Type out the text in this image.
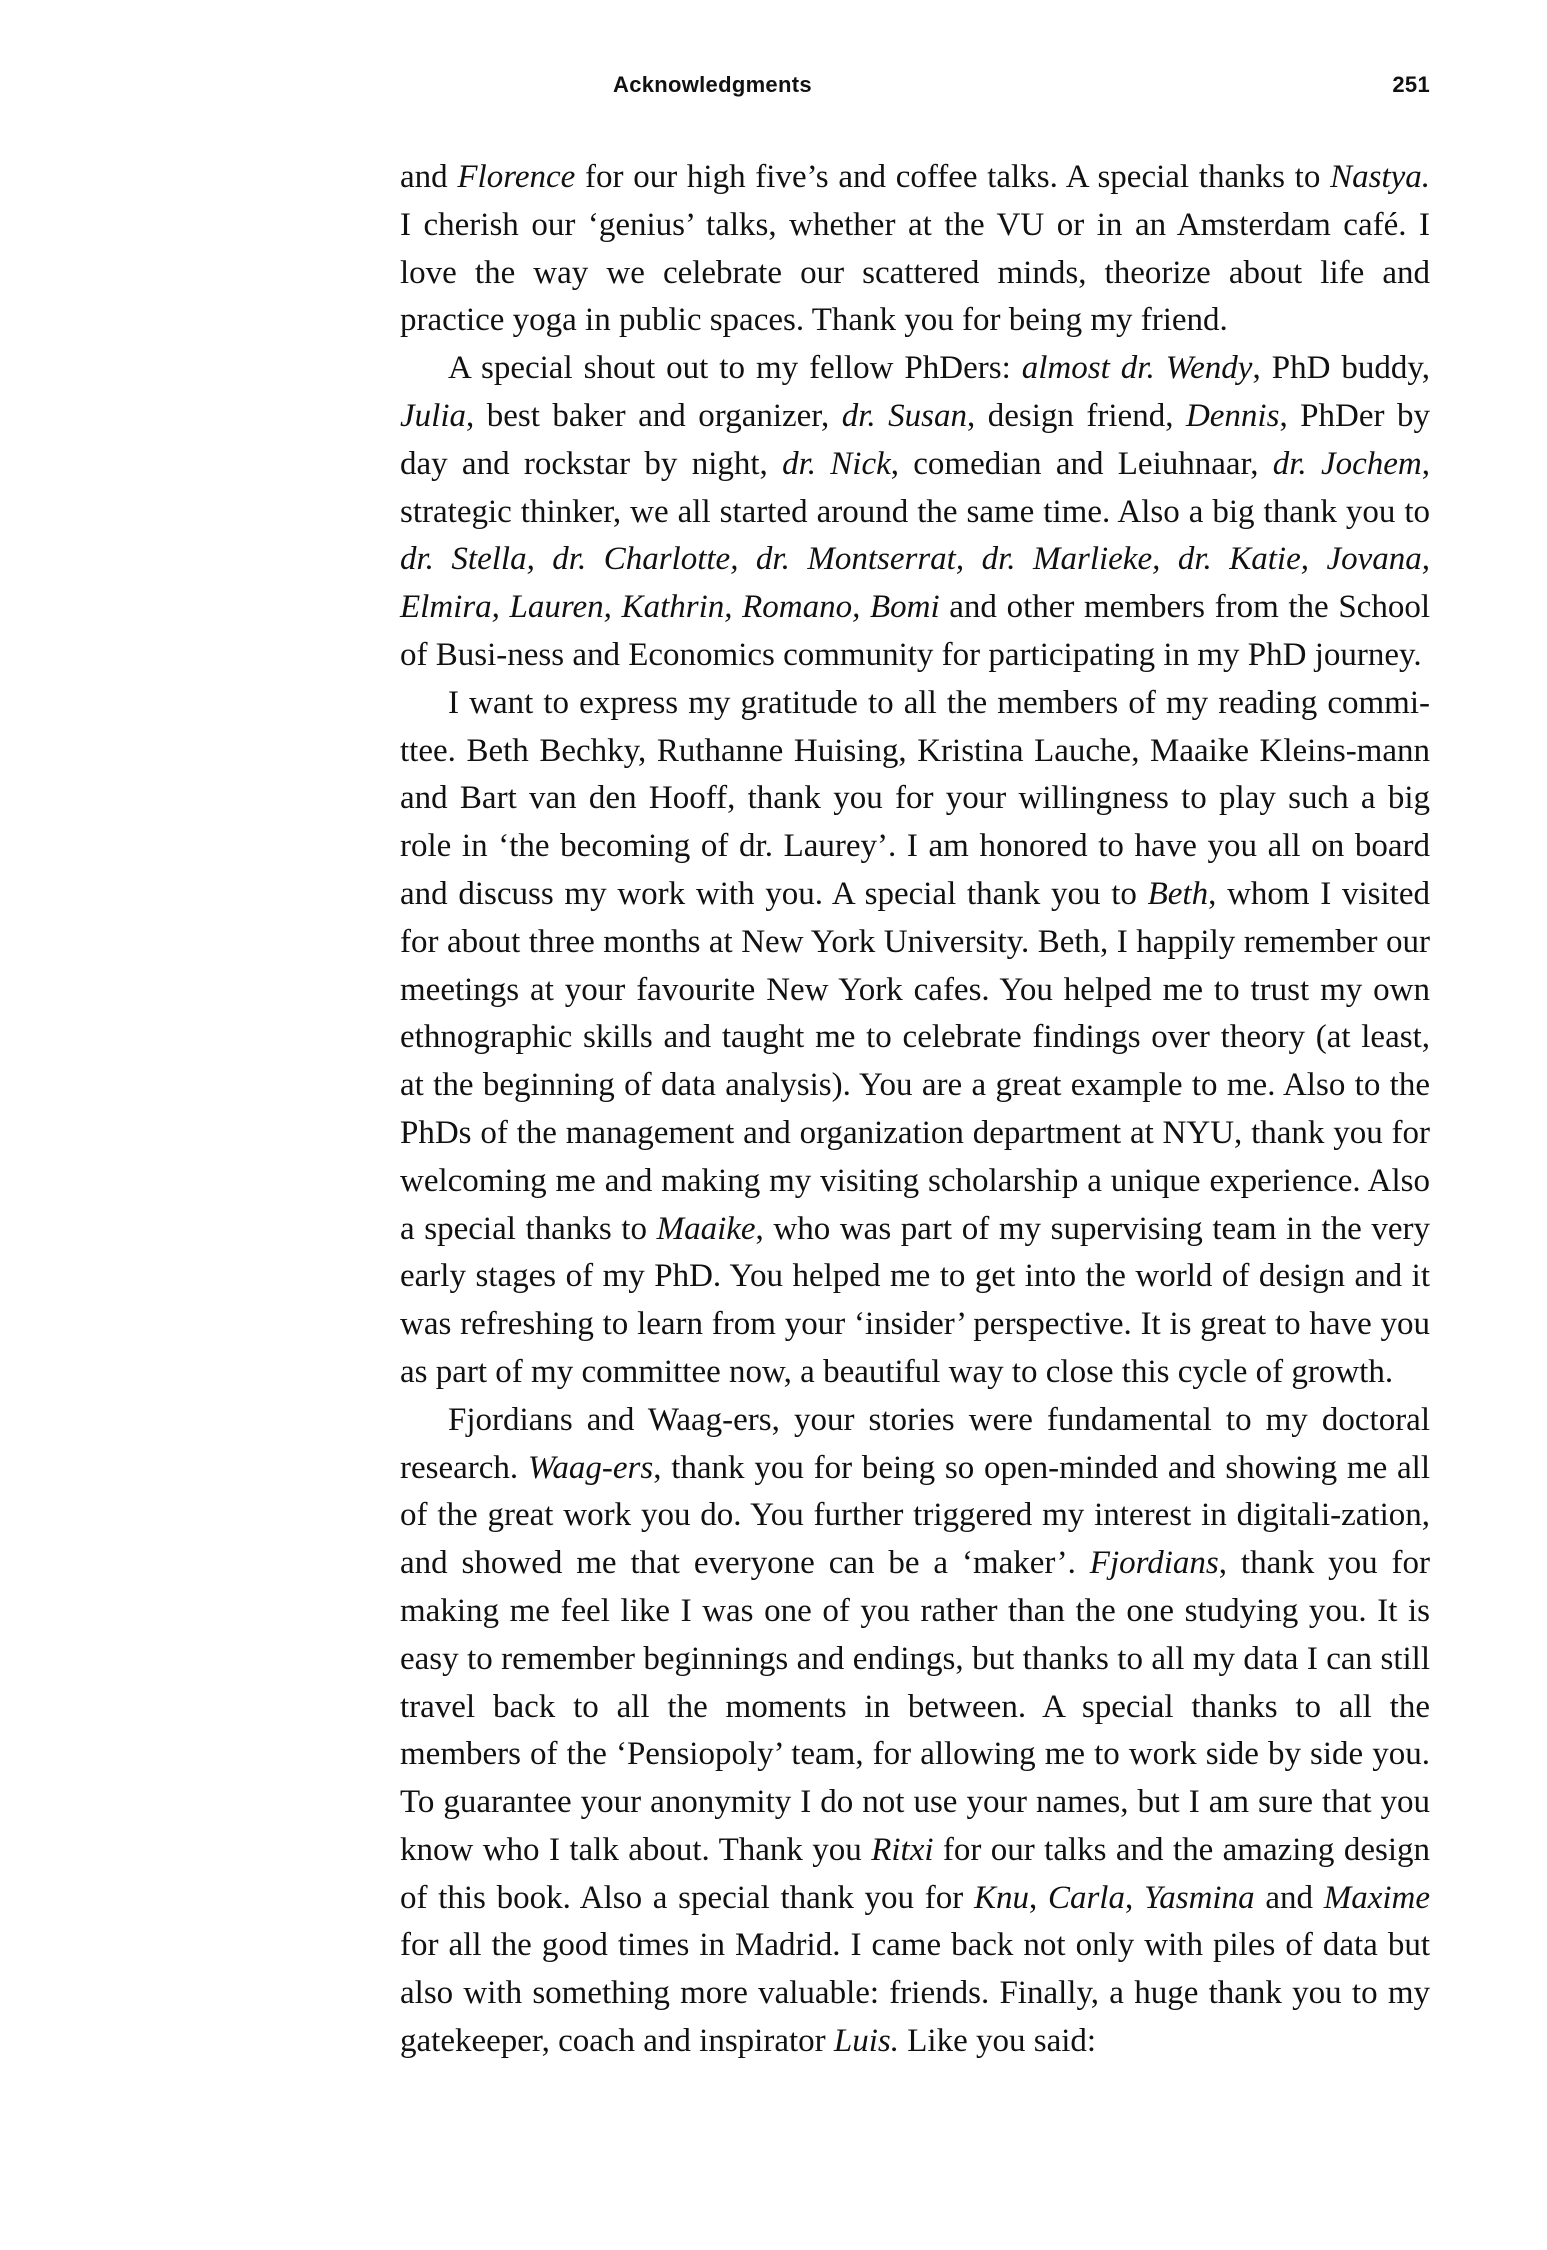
Acknowledgments	251

and Florence for our high five’s and coffee talks. A special thanks to Nastya. I cherish our ‘genius’ talks, whether at the VU or in an Amsterdam café. I love the way we celebrate our scattered minds, theorize about life and practice yoga in public spaces. Thank you for being my friend.

A special shout out to my fellow PhDers: almost dr. Wendy, PhD buddy, Julia, best baker and organizer, dr. Susan, design friend, Dennis, PhDer by day and rockstar by night, dr. Nick, comedian and Leiuhnaar, dr. Jochem, strategic thinker, we all started around the same time. Also a big thank you to dr. Stella, dr. Charlotte, dr. Montserrat, dr. Marlieke, dr. Katie, Jovana, Elmira, Lauren, Kathrin, Romano, Bomi and other members from the School of Busi-ness and Economics community for participating in my PhD journey.

I want to express my gratitude to all the members of my reading commi-ttee. Beth Bechky, Ruthanne Huising, Kristina Lauche, Maaike Kleins-mann and Bart van den Hooff, thank you for your willingness to play such a big role in ‘the becoming of dr. Laurey’. I am honored to have you all on board and discuss my work with you. A special thank you to Beth, whom I visited for about three months at New York University. Beth, I happily remember our meetings at your favourite New York cafes. You helped me to trust my own ethnographic skills and taught me to celebrate findings over theory (at least, at the beginning of data analysis). You are a great example to me. Also to the PhDs of the management and organization department at NYU, thank you for welcoming me and making my visiting scholarship a unique experience. Also a special thanks to Maaike, who was part of my supervising team in the very early stages of my PhD. You helped me to get into the world of design and it was refreshing to learn from your ‘insider’ perspective. It is great to have you as part of my committee now, a beautiful way to close this cycle of growth.

Fjordians and Waag-ers, your stories were fundamental to my doctoral research. Waag-ers, thank you for being so open-minded and showing me all of the great work you do. You further triggered my interest in digitali-zation, and showed me that everyone can be a ‘maker’. Fjordians, thank you for making me feel like I was one of you rather than the one studying you. It is easy to remember beginnings and endings, but thanks to all my data I can still travel back to all the moments in between. A special thanks to all the members of the ‘Pensiopoly’ team, for allowing me to work side by side you. To guarantee your anonymity I do not use your names, but I am sure that you know who I talk about. Thank you Ritxi for our talks and the amazing design of this book. Also a special thank you for Knu, Carla, Yasmina and Maxime for all the good times in Madrid. I came back not only with piles of data but also with something more valuable: friends. Finally, a huge thank you to my gatekeeper, coach and inspirator Luis. Like you said:
